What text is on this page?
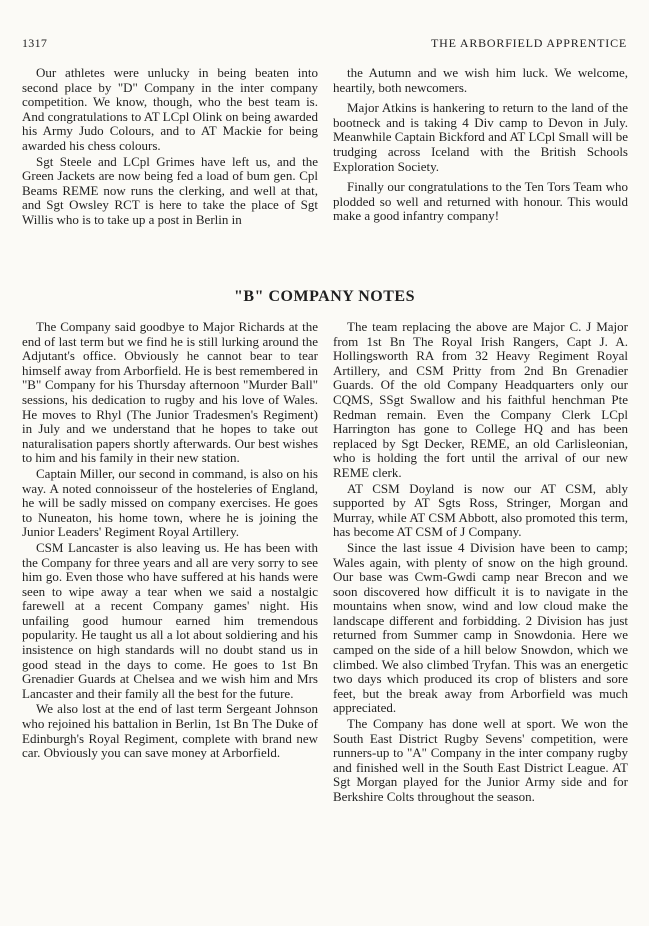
1317	THE ARBORFIELD APPRENTICE

Our athletes were unlucky in being beaten into second place by "D" Company in the inter company competition. We know, though, who the best team is. And congratulations to AT LCpl Olink on being awarded his Army Judo Colours, and to AT Mackie for being awarded his chess colours.

Sgt Steele and LCpl Grimes have left us, and the Green Jackets are now being fed a load of bum gen. Cpl Beams REME now runs the clerking, and well at that, and Sgt Owsley RCT is here to take the place of Sgt Willis who is to take up a post in Berlin in

the Autumn and we wish him luck. We welcome, heartily, both newcomers.

Major Atkins is hankering to return to the land of the bootneck and is taking 4 Div camp to Devon in July. Meanwhile Captain Bickford and AT LCpl Small will be trudging across Iceland with the British Schools Exploration Society.

Finally our congratulations to the Ten Tors Team who plodded so well and returned with honour. This would make a good infantry company!

"B" COMPANY NOTES

The Company said goodbye to Major Richards at the end of last term but we find he is still lurking around the Adjutant's office. Obviously he cannot bear to tear himself away from Arborfield. He is best remembered in "B" Company for his Thursday afternoon "Murder Ball" sessions, his dedication to rugby and his love of Wales. He moves to Rhyl (The Junior Tradesmen's Regiment) in July and we understand that he hopes to take out naturalisation papers shortly afterwards. Our best wishes to him and his family in their new station.

Captain Miller, our second in command, is also on his way. A noted connoisseur of the hosteleries of England, he will be sadly missed on company exercises. He goes to Nuneaton, his home town, where he is joining the Junior Leaders' Regiment Royal Artillery.

CSM Lancaster is also leaving us. He has been with the Company for three years and all are very sorry to see him go. Even those who have suffered at his hands were seen to wipe away a tear when we said a nostalgic farewell at a recent Company games' night. His unfailing good humour earned him tremendous popularity. He taught us all a lot about soldiering and his insistence on high standards will no doubt stand us in good stead in the days to come. He goes to 1st Bn Grenadier Guards at Chelsea and we wish him and Mrs Lancaster and their family all the best for the future.

We also lost at the end of last term Sergeant Johnson who rejoined his battalion in Berlin, 1st Bn The Duke of Edinburgh's Royal Regiment, complete with brand new car. Obviously you can save money at Arborfield.

The team replacing the above are Major C. J Major from 1st Bn The Royal Irish Rangers, Capt J. A. Hollingsworth RA from 32 Heavy Regiment Royal Artillery, and CSM Pritty from 2nd Bn Grenadier Guards. Of the old Company Headquarters only our CQMS, SSgt Swallow and his faithful henchman Pte Redman remain. Even the Company Clerk LCpl Harrington has gone to College HQ and has been replaced by Sgt Decker, REME, an old Carlisleonian, who is holding the fort until the arrival of our new REME clerk.

AT CSM Doyland is now our AT CSM, ably supported by AT Sgts Ross, Stringer, Morgan and Murray, while AT CSM Abbott, also promoted this term, has become AT CSM of J Company.

Since the last issue 4 Division have been to camp; Wales again, with plenty of snow on the high ground. Our base was Cwm-Gwdi camp near Brecon and we soon discovered how difficult it is to navigate in the mountains when snow, wind and low cloud make the landscape different and forbidding. 2 Division has just returned from Summer camp in Snowdonia. Here we camped on the side of a hill below Snowdon, which we climbed. We also climbed Tryfan. This was an energetic two days which produced its crop of blisters and sore feet, but the break away from Arborfield was much appreciated.

The Company has done well at sport. We won the South East District Rugby Sevens' competition, were runners-up to "A" Company in the inter company rugby and finished well in the South East District League. AT Sgt Morgan played for the Junior Army side and for Berkshire Colts throughout the season.
